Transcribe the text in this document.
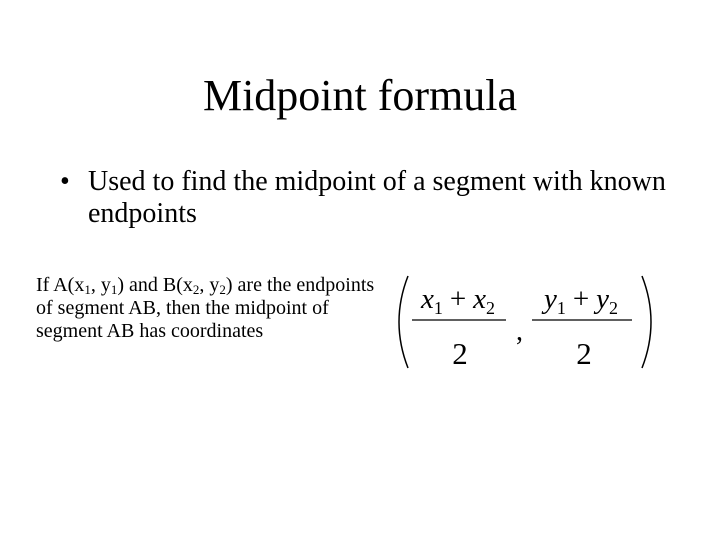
Midpoint formula
• Used to find the midpoint of a segment with known endpoints
If $A(x_1$, $y_1$) and $B(x_2$, $y_2$) are the endpoints of segment AB, then the midpoint of segment AB has coordinates
$x_1 + x_2$
2
,
$y_1 + y_2$
2
